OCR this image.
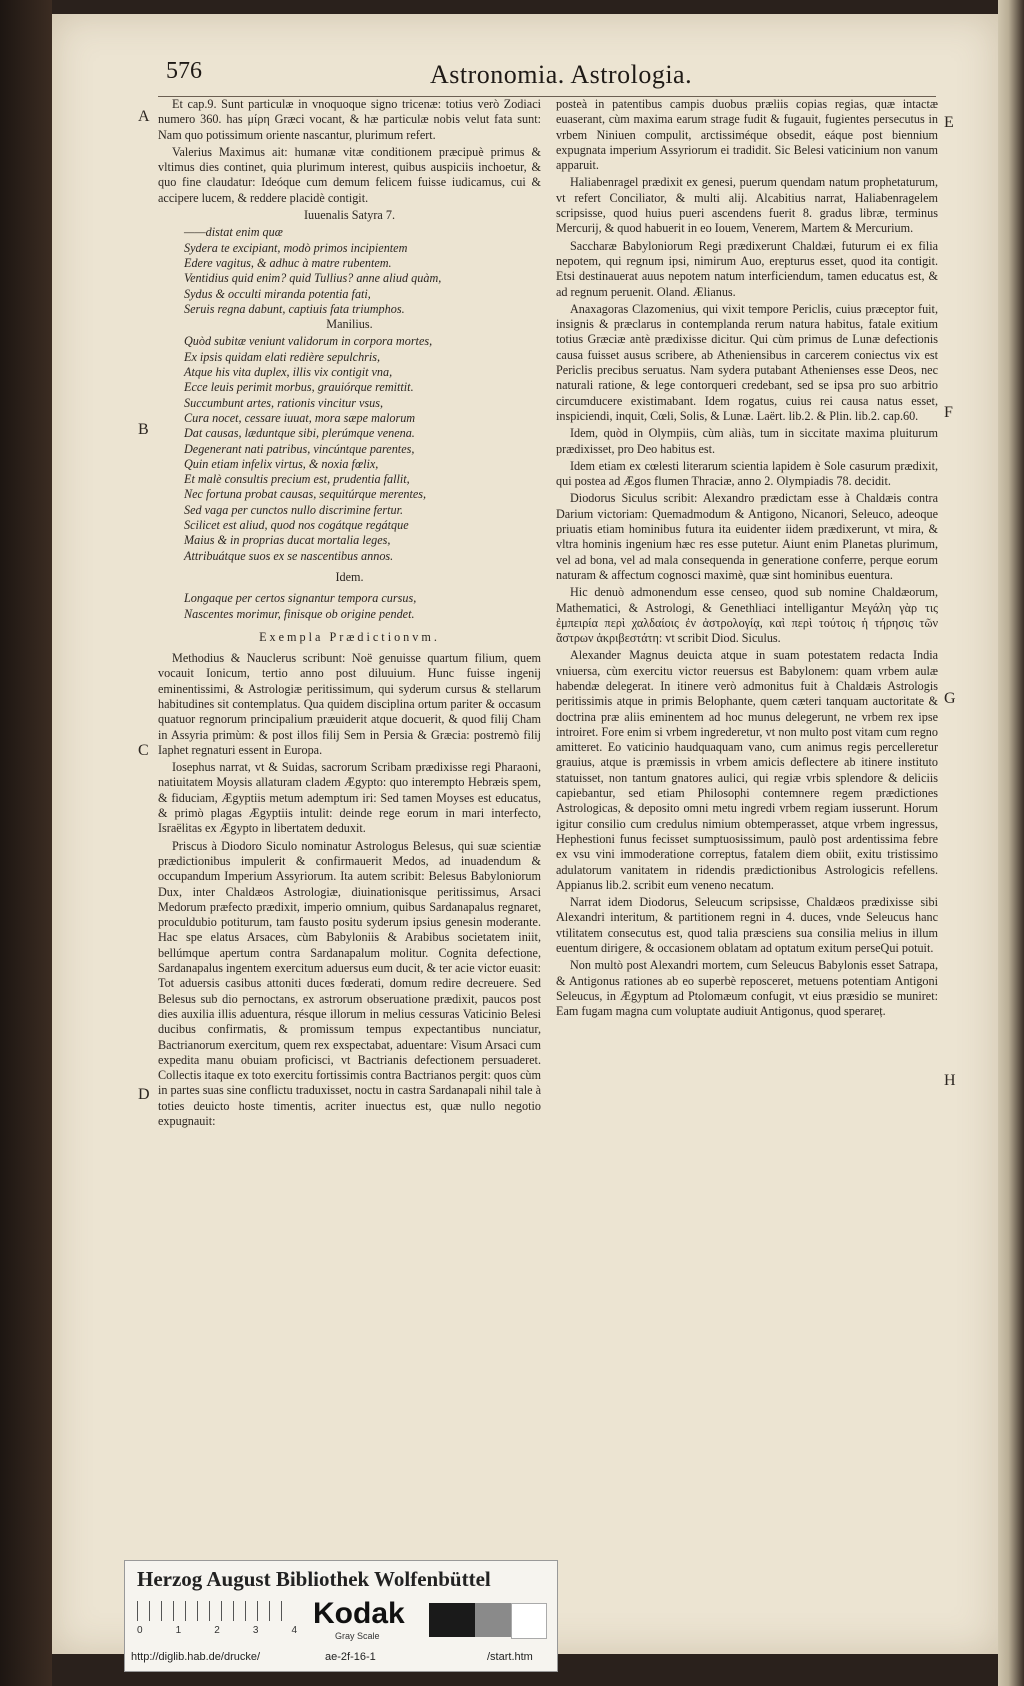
576	Astronomia. Astrologia.
A
B
C
D
E
F
G
H

Et cap.9. Sunt particulæ in vnoquoque signo tricenæ: totius verò Zodiaci numero 360. has μίρη Græci vocant, & hæ particulæ nobis velut fata sunt: Nam quo potissimum oriente nascantur, plurimum refert.

Valerius Maximus ait: humanæ vitæ conditionem præcipuè primus & vltimus dies continet, quia plurimum interest, quibus auspiciis inchoetur, & quo fine claudatur: Ideóque cum demum felicem fuisse iudicamus, cui & accipere lucem, & reddere placidè contigit.

Iuuenalis Satyra 7.

——distat enim quæ
Sydera te excipiant, modò primos incipientem
Edere vagitus, & adhuc à matre rubentem.
Ventidius quid enim? quid Tullius? anne aliud quàm,
Sydus & occulti miranda potentia fati,
Seruis regna dabunt, captiuis fata triumphos.

Manilius.

Quòd subitæ veniunt validorum in corpora mortes,
Ex ipsis quidam elati redière sepulchris,
Atque his vita duplex, illis vix contigit vna,
Ecce leuis perimit morbus, grauiórque remittit.
Succumbunt artes, rationis vincitur vsus,
Cura nocet, cessare iuuat, mora sæpe malorum
Dat causas, læduntque sibi, plerúmque venena.
Degenerant nati patribus, vincúntque parentes,
Quin etiam infelix virtus, & noxia fœlix,
Et malè consultis precium est, prudentia fallit,
Nec fortuna probat causas, sequitúrque merentes,
Sed vaga per cunctos nullo discrimine fertur.
Scilicet est aliud, quod nos cogátque regátque
Maius & in proprias ducat mortalia leges,
Attribuátque suos ex se nascentibus annos.

Idem.

Longaque per certos signantur tempora cursus,
Nascentes morimur, finisque ob origine pendet.

Exempla Prædictionvm.

Methodius & Nauclerus scribunt: Noë genuisse quartum filium, quem vocauit Ionicum, tertio anno post diluuium. Hunc fuisse ingenij eminentissimi, & Astrologiæ peritissimum, qui syderum cursus & stellarum habitudines sit contemplatus. Qua quidem disciplina ortum pariter & occasum quatuor regnorum principalium præuiderit atque docuerit, & quod filij Cham in Assyria primùm: & post illos filij Sem in Persia & Græcia: postremò filij Iaphet regnaturi essent in Europa.

Iosephus narrat, vt & Suidas, sacrorum Scribam prædixisse regi Pharaoni, natiuitatem Moysis allaturam cladem Ægypto: quo interempto Hebræis spem, & fiduciam, Ægyptiis metum ademptum iri: Sed tamen Moyses est educatus, & primò plagas Ægyptiis intulit: deinde rege eorum in mari interfecto, Israëlitas ex Ægypto in libertatem deduxit.

Priscus à Diodoro Siculo nominatur Astrologus Belesus, qui suæ scientiæ prædictionibus impulerit & confirmauerit Medos, ad inuadendum & occupandum Imperium Assyriorum. Ita autem scribit: Belesus Babyloniorum Dux, inter Chaldæos Astrologiæ, diuinationisque peritissimus, Arsaci Medorum præfecto prædixit, imperio omnium, quibus Sardanapalus regnaret, proculdubio potiturum, tam fausto positu syderum ipsius genesin moderante. Hac spe elatus Arsaces, cùm Babyloniis & Arabibus societatem iniit, bellúmque apertum contra Sardanapalum molitur. Cognita defectione, Sardanapalus ingentem exercitum aduersus eum ducit, & ter acie victor euasit: Tot aduersis casibus attoniti duces fœderati, domum redire decreuere. Sed Belesus sub dio pernoctans, ex astrorum obseruatione prædixit, paucos post dies auxilia illis aduentura, résque illorum in melius cessuras Vaticinio Belesi ducibus confirmatis, & promissum tempus expectantibus nunciatur, Bactrianorum exercitum, quem rex exspectabat, aduentare: Visum Arsaci cum expedita manu obuiam proficisci, vt Bactrianis defectionem persuaderet. Collectis itaque ex toto exercitu fortissimis contra Bactrianos pergit: quos cùm in partes suas sine conflictu traduxisset, noctu in castra Sardanapali nihil tale à toties deuicto hoste timentis, acriter inuectus est, quæ nullo negotio expugnauit:

posteà in patentibus campis duobus præliis copias regias, quæ intactæ euaserant, cùm maxima earum strage fudit & fugauit, fugientes persecutus in vrbem Niniuen compulit, arctissiméque obsedit, eáque post biennium expugnata imperium Assyriorum ei tradidit. Sic Belesi vaticinium non vanum apparuit.

Haliabenragel prædixit ex genesi, puerum quendam natum prophetaturum, vt refert Conciliator, & multi alij. Alcabitius narrat, Haliabenragelem scripsisse, quod huius pueri ascendens fuerit 8. gradus libræ, terminus Mercurij, & quod habuerit in eo Iouem, Venerem, Martem & Mercurium.

Saccharæ Babyloniorum Regi prædixerunt Chaldæi, futurum ei ex filia nepotem, qui regnum ipsi, nimirum Auo, erepturus esset, quod ita contigit. Etsi destinauerat auus nepotem natum interficiendum, tamen educatus est, & ad regnum peruenit. Oland. Ælianus.

Anaxagoras Clazomenius, qui vixit tempore Periclis, cuius præceptor fuit, insignis & præclarus in contemplanda rerum natura habitus, fatale exitium totius Græciæ antè prædixisse dicitur. Qui cùm primus de Lunæ defectionis causa fuisset ausus scribere, ab Atheniensibus in carcerem coniectus vix est Periclis precibus seruatus. Nam sydera putabant Athenienses esse Deos, nec naturali ratione, & lege contorqueri credebant, sed se ipsa pro suo arbitrio circumducere existimabant. Idem rogatus, cuius rei causa natus esset, inspiciendi, inquit, Cœli, Solis, & Lunæ. Laërt. lib.2. & Plin. lib.2. cap.60.

Idem, quòd in Olympiis, cùm aliàs, tum in siccitate maxima pluiturum prædixisset, pro Deo habitus est.

Idem etiam ex cœlesti literarum scientia lapidem è Sole casurum prædixit, qui postea ad Ægos flumen Thraciæ, anno 2. Olympiadis 78. decidit.

Diodorus Siculus scribit: Alexandro prædictam esse à Chaldæis contra Darium victoriam: Quemadmodum & Antigono, Nicanori, Seleuco, adeoque priuatis etiam hominibus futura ita euidenter iidem prædixerunt, vt mira, & vltra hominis ingenium hæc res esse putetur. Aiunt enim Planetas plurimum, vel ad bona, vel ad mala consequenda in generatione conferre, perque eorum naturam & affectum cognosci maximè, quæ sint hominibus euentura.

Hic denuò admonendum esse censeo, quod sub nomine Chaldæorum, Mathematici, & Astrologi, & Genethliaci intelligantur Μεγάλη γὰρ τις ἐμπειρία περὶ χαλδαίοις ἐν ἀστρολογίᾳ, καὶ περὶ τούτοις ἡ τήρησις τῶν ἄστρων ἀκριβεστάτη: vt scribit Diod. Siculus.

Alexander Magnus deuicta atque in suam potestatem redacta India vniuersa, cùm exercitu victor reuersus est Babylonem: quam vrbem aulæ habendæ delegerat. In itinere verò admonitus fuit à Chaldæis Astrologis peritissimis atque in primis Belophante, quem cæteri tanquam auctoritate & doctrina præ aliis eminentem ad hoc munus delegerunt, ne vrbem rex ipse introiret. Fore enim si vrbem ingrederetur, vt non multo post vitam cum regno amitteret. Eo vaticinio haudquaquam vano, cum animus regis percelleretur grauius, atque is præmissis in vrbem amicis deflectere ab itinere institutо statuisset, non tantum gnatores aulici, qui regiæ vrbis splendore & deliciis capiebantur, sed etiam Philosophi contemnere regem prædictiones Astrologicas, & deposito omni metu ingredi vrbem regiam iusserunt. Horum igitur consilio cum credulus nimium obtemperasset, atque vrbem ingressus, Hephestioni funus fecisset sumptuosissimum, paulò post ardentissima febre ex vsu vini immoderatione correptus, fatalem diem obiit, exitu tristissimo adulatorum vanitatem in ridendis prædictionibus Astrologicis refellens. Appianus lib.2. scribit eum veneno necatum.

Narrat idem Diodorus, Seleucum scripsisse, Chaldæos prædixisse sibi Alexandri interitum, & partitionem regni in 4. duces, vnde Seleucus hanc vtilitatem consecutus est, quod talia præsciens sua consilia melius in illum euentum dirigere, & occasionem oblatam ad optatum exitum perseQui potuit.

Non multò post Alexandri mortem, cum Seleucus Babylonis esset Satrapa, & Antigonus rationes ab eo superbè reposceret, metuens potentiam Antigoni Seleucus, in Ægyptum ad Ptolomæum confugit, vt eius præsidio se muniret: Eam fugam magna cum voluptate audiuit Antigonus, quod sperareț.

Herzog August Bibliothek Wolfenbüttel
0	1	2	3	4
Kodak
Gray Scale
http://diglib.hab.de/drucke/	ae-2f-16-1	/start.htm
